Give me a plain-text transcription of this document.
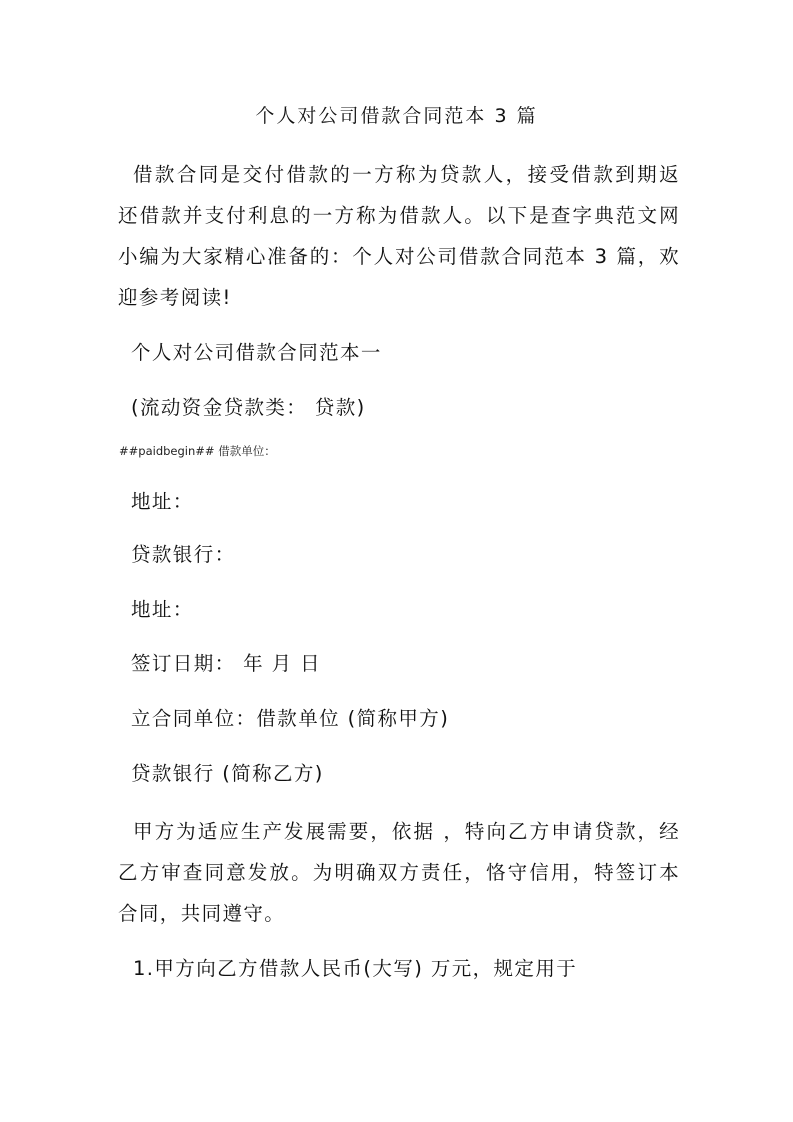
个人对公司借款合同范本 3 篇
借款合同是交付借款的一方称为贷款人，接受借款到期返
还借款并支付利息的一方称为借款人。以下是查字典范文网
小编为大家精心准备的：个人对公司借款合同范本 3 篇，欢
迎参考阅读!
个人对公司借款合同范本一
(流动资金贷款类： 贷款)
##paidbegin## 借款单位：
地址：
贷款银行：
地址：
签订日期： 年 月 日
立合同单位：借款单位 (简称甲方)
贷款银行 (简称乙方)
甲方为适应生产发展需要，依据 ，特向乙方申请贷款，经
乙方审查同意发放。为明确双方责任，恪守信用，特签订本
合同，共同遵守。
1.甲方向乙方借款人民币(大写) 万元，规定用于
